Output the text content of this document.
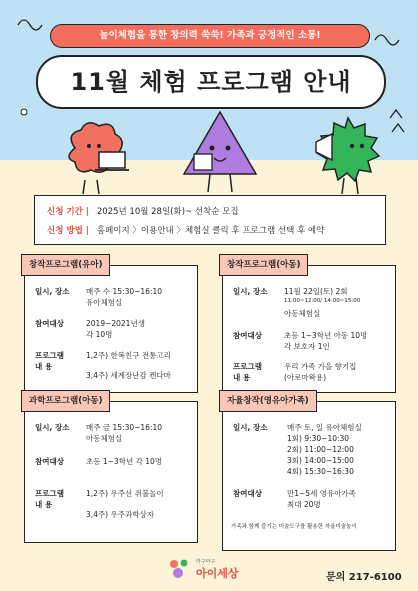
놀이체험을 통한 창의력 쑥쑥! 가족과 긍정적인 소통!
11월 체험 프로그램 안내
신청 기간 | 2025년 10월 28일(화)~ 선착순 모집
신청 방법 | 홈페이지 〉이용안내 〉체험실 클릭 후 프로그램 선택 후 예약
창작프로그램(유아)
일시, 장소 매주 수 15:30~16:10
유아체험실
참여대상	2019~2021년생
각 10명
프로그램
내 용
1,2주) 한복친구 전통고리
3,4주) 세계장난감 켄다마
창작프로그램(아동)
일시, 장소 11월 22일(토) 2회
11:00~12:00/ 14:00~15:00
아동체험실
참여대상	초등 1~3학년 아동 10명
각 보호자 1인
프로그램
내 용
우리 가족 가을 향기집
(아로마왁용)
과학프로그램(아동)
일시, 장소 매주 금 15:30~16:10
아동체험실
참여대상	초등 1~3학년 각 10명
프로그램
내 용
1,2주) 우주선 쥐불놀이
3,4주) 우주과학상자
자율창작(영유아가족)
일시, 장소	매주 토, 일 유아체험실
1회) 9:30~10:30
2회) 11:00~12:00
3회) 14:00~15:00
4회) 15:30~16:30
참여대상	만1~5세 영유아가족
최대 20명
가족과 함께 즐기는 미술도구를 활용한 자율미술놀이
마구마구
아이세상	문의 217-6100
